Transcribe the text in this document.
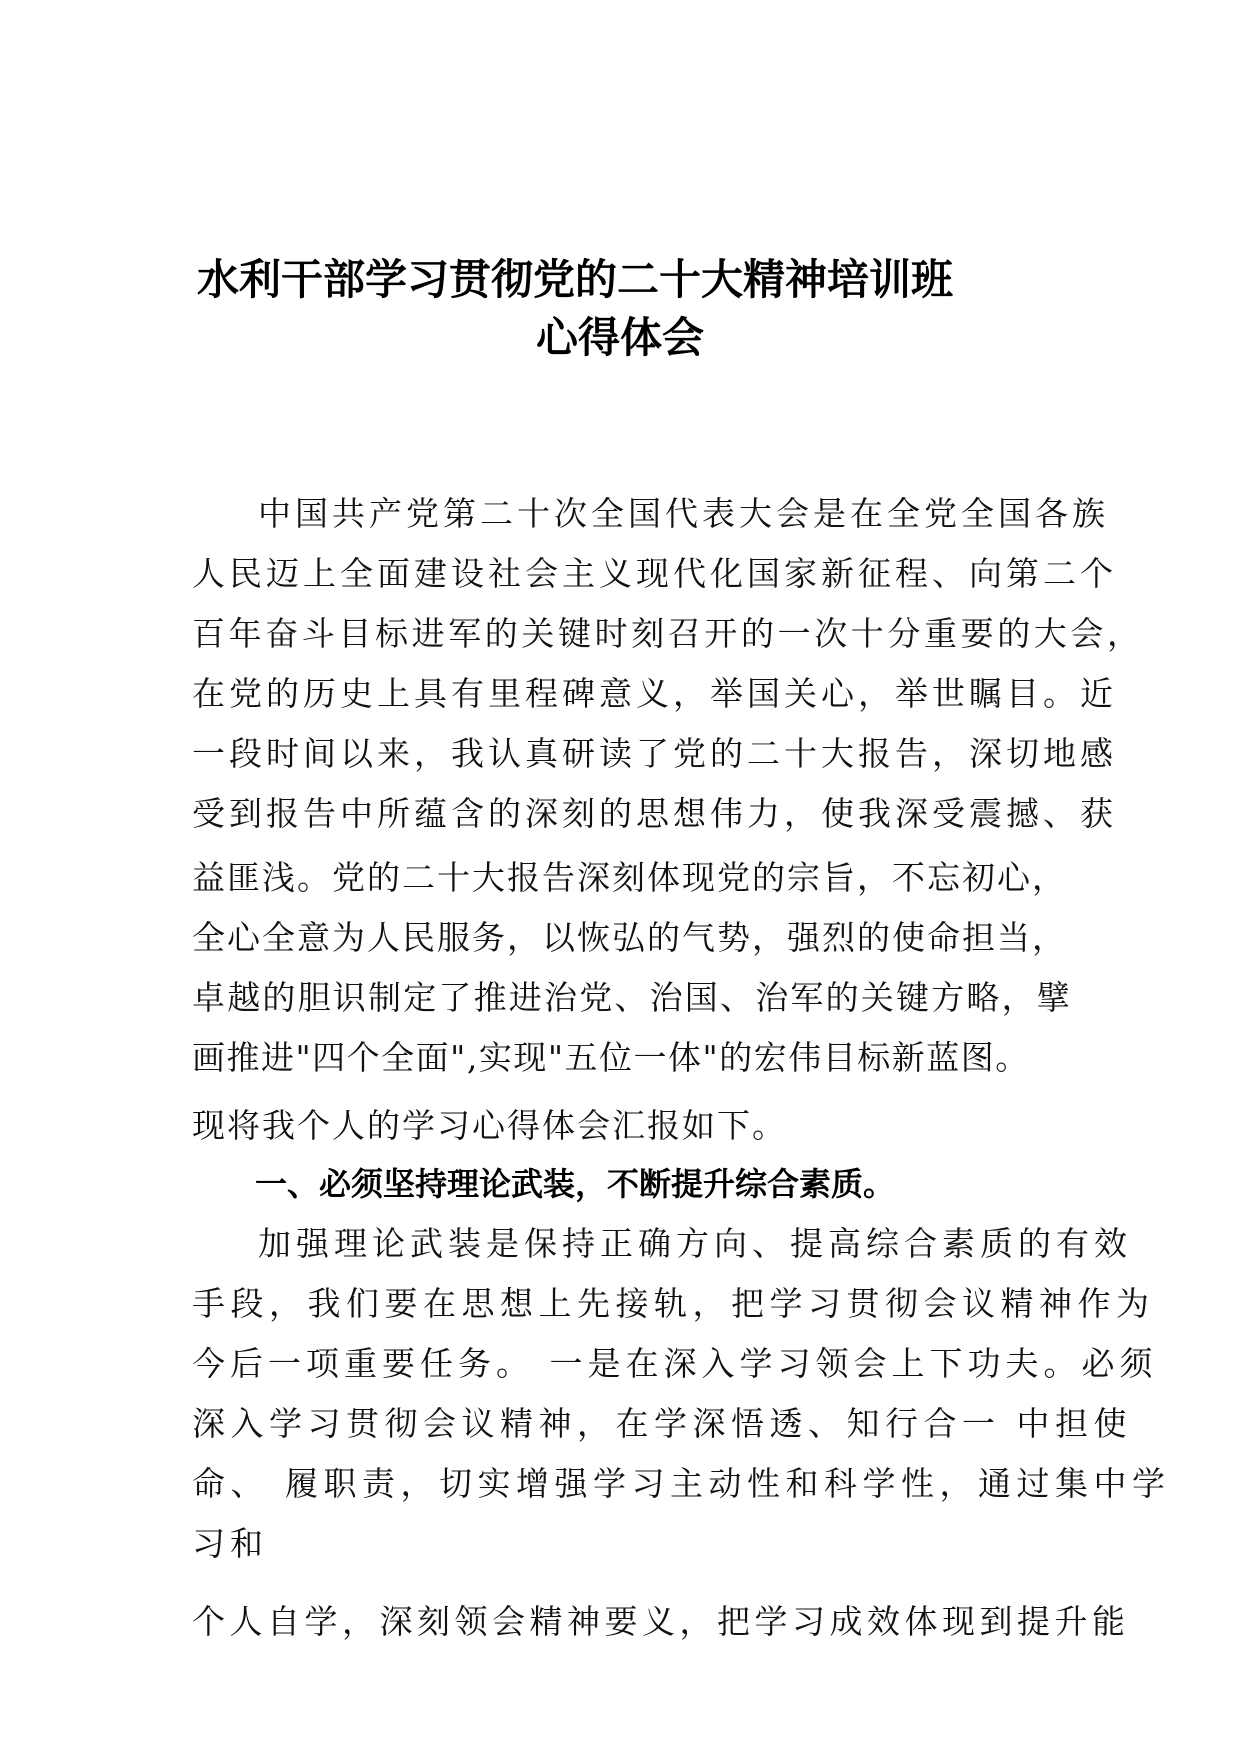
水利干部学习贯彻党的二十大精神培训班
心得体会
中国共产党第二十次全国代表大会是在全党全国各族
人民迈上全面建设社会主义现代化国家新征程、向第二个
百年奋斗目标进军的关键时刻召开的一次十分重要的大会，
在党的历史上具有里程碑意义，举国关心，举世瞩目。近
一段时间以来，我认真研读了党的二十大报告，深切地感
受到报告中所蕴含的深刻的思想伟力，使我深受震撼、获
益匪浅。党的二十大报告深刻体现党的宗旨，不忘初心，
全心全意为人民服务，以恢弘的气势，强烈的使命担当，
卓越的胆识制定了推进治党、治国、治军的关键方略，擘
画推进"四个全面",实现"五位一体"的宏伟目标新蓝图。
现将我个人的学习心得体会汇报如下。
一、必须坚持理论武装，不断提升综合素质。
加强理论武装是保持正确方向、提高综合素质的有效
手段，我们要在思想上先接轨，把学习贯彻会议精神作为
今后一项重要任务。 一是在深入学习领会上下功夫。必须
深入学习贯彻会议精神，在学深悟透、知行合一 中担使
命、 履职责，切实增强学习主动性和科学性，通过集中学
习和
个人自学，深刻领会精神要义，把学习成效体现到提升能
